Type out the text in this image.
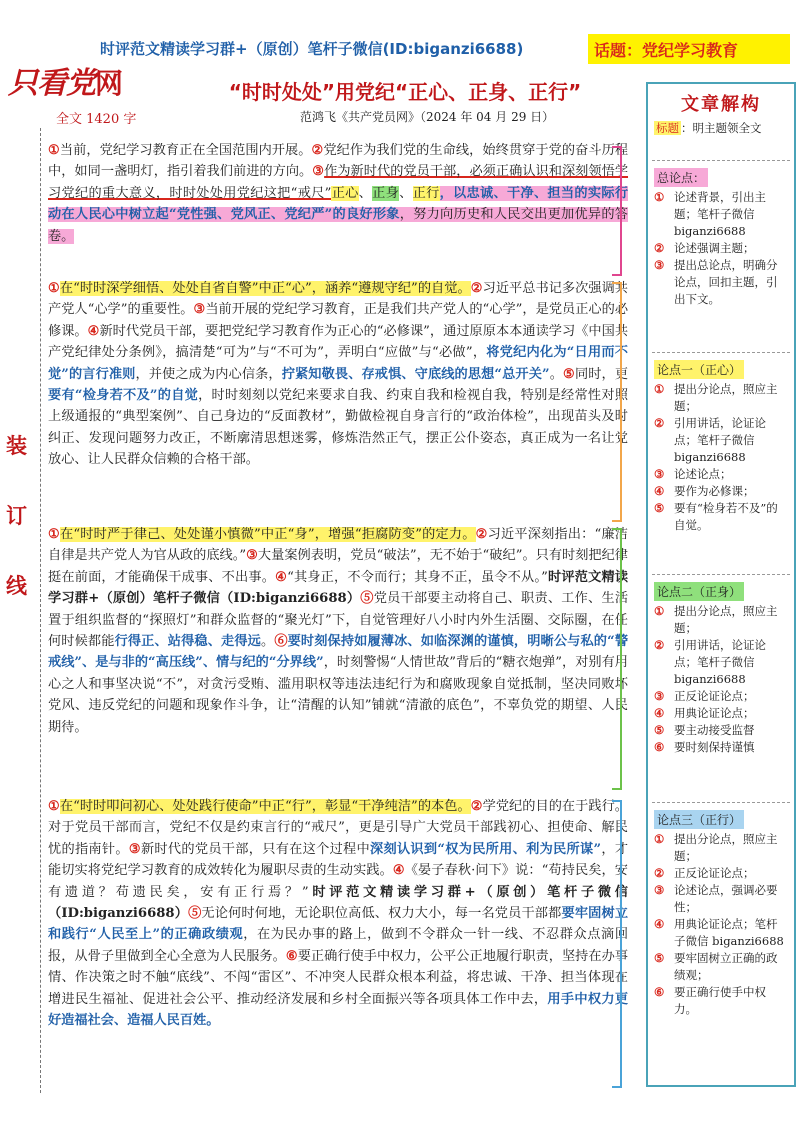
时评范文精读学习群+（原创）笔杆子微信(ID:biganzi6688)	话题：党纪学习教育
只看党网	“时时处处”用党纪“正心、正身、正行”
全文 1420 字	范鸿飞《共产党员网》（2024 年 04 月 29 日）
装
订
线

①当前，党纪学习教育正在全国范围内开展。②党纪作为我们党的生命线，始终贯穿于党的奋斗历程中，如同一盏明灯，指引着我们前进的方向。③作为新时代的党员干部，必须正确认识和深刻领悟学习党纪的重大意义，时时处处用党纪这把“戒尺”正心、正身、正行，以忠诚、干净、担当的实际行动在人民心中树立起“党性强、党风正、党纪严”的良好形象，努力向历史和人民交出更加优异的答卷。

①在“时时深学细悟、处处自省自警”中正“心”，涵养“遵规守纪”的自觉。②习近平总书记多次强调共产党人“心学”的重要性。③当前开展的党纪学习教育，正是我们共产党人的“心学”，是党员正心的必修课。④新时代党员干部，要把党纪学习教育作为正心的“必修课”，通过原原本本通读学习《中国共产党纪律处分条例》，搞清楚“可为”与“不可为”，弄明白“应做”与“必做”，将党纪内化为“日用而不觉”的言行准则，并使之成为内心信条，拧紧知敬畏、存戒惧、守底线的思想“总开关”。⑤同时，更要有“检身若不及”的自觉，时时刻刻以党纪来要求自我、约束自我和检视自我，特别是经常性对照上级通报的“典型案例”、自己身边的“反面教材”，勤做检视自身言行的“政治体检”，出现苗头及时纠正、发现问题努力改正，不断廓清思想迷雾，修炼浩然正气，摆正公仆姿态，真正成为一名让党放心、让人民群众信赖的合格干部。

①在“时时严于律己、处处谨小慎微”中正“身”，增强“拒腐防变”的定力。②习近平深刻指出：“廉洁自律是共产党人为官从政的底线。”③大量案例表明，党员“破法”，无不始于“破纪”。只有时刻把纪律挺在前面，才能确保干成事、不出事。④“其身正，不令而行；其身不正，虽令不从。”时评范文精读学习群+（原创）笔杆子微信（ID:biganzi6688）⑤党员干部要主动将自己、职责、工作、生活置于组织监督的“探照灯”和群众监督的“聚光灯”下，自觉管理好八小时内外生活圈、交际圈，在任何时候都能行得正、站得稳、走得远。⑥要时刻保持如履薄冰、如临深渊的谨慎，明晰公与私的“警戒线”、是与非的“高压线”、情与纪的“分界线”，时刻警惕“人情世故”背后的“糖衣炮弹”，对别有用心之人和事坚决说“不”，对贪污受贿、滥用职权等违法违纪行为和腐败现象自觉抵制，坚决同败坏党风、违反党纪的问题和现象作斗争，让“清醒的认知”铺就“清澈的底色”，不辜负党的期望、人民期待。

①在“时时叩问初心、处处践行使命”中正“行”，彰显“干净纯洁”的本色。②学党纪的目的在于践行。对于党员干部而言，党纪不仅是约束言行的“戒尺”，更是引导广大党员干部践初心、担使命、解民忧的指南针。③新时代的党员干部，只有在这个过程中深刻认识到“权为民所用、利为民所谋”，才能切实将党纪学习教育的成效转化为履职尽责的生动实践。④《晏子春秋·问下》说：“苟持民矣，安有遗道？苟遗民矣，安有正行焉？”时评范文精读学习群+（原创）笔杆子微信（ID:biganzi6688）⑤无论何时何地，无论职位高低、权力大小，每一名党员干部都要牢固树立和践行“人民至上”的正确政绩观，在为民办事的路上，做到不令群众一针一线、不忍群众点滴回报，从骨子里做到全心全意为人民服务。⑥要正确行使手中权力，公平公正地履行职责，坚持在办事情、作决策之时不触“底线”、不闯“雷区”、不冲突人民群众根本利益，将忠诚、干净、担当体现在增进民生福祉、促进社会公平、推动经济发展和乡村全面振兴等各项具体工作中去，用手中权力更好造福社会、造福人民百姓。

文章解构
标题 ：明主题领全文
总论点：
① 论述背景，引出主题；笔杆子微信 biganzi6688
② 论述强调主题；
③ 提出总论点，明确分论点，回扣主题，引出下文。
论点一（正心）
① 提出分论点，照应主题；
② 引用讲话，论证论点；笔杆子微信 biganzi6688
③ 论述论点；
④ 要作为必修课；
⑤ 要有“检身若不及”的自觉。
论点二（正身）
① 提出分论点，照应主题；
② 引用讲话，论证论点；笔杆子微信 biganzi6688
③ 正反论证论点；
④ 用典论证论点；
⑤ 要主动接受监督
⑥ 要时刻保持谨慎
论点三（正行）
① 提出分论点，照应主题；
② 正反论证论点；
③ 论述论点，强调必要性；
④ 用典论证论点；笔杆子微信 biganzi6688
⑤ 要牢固树立正确的政绩观；
⑥ 要正确行使手中权力。
